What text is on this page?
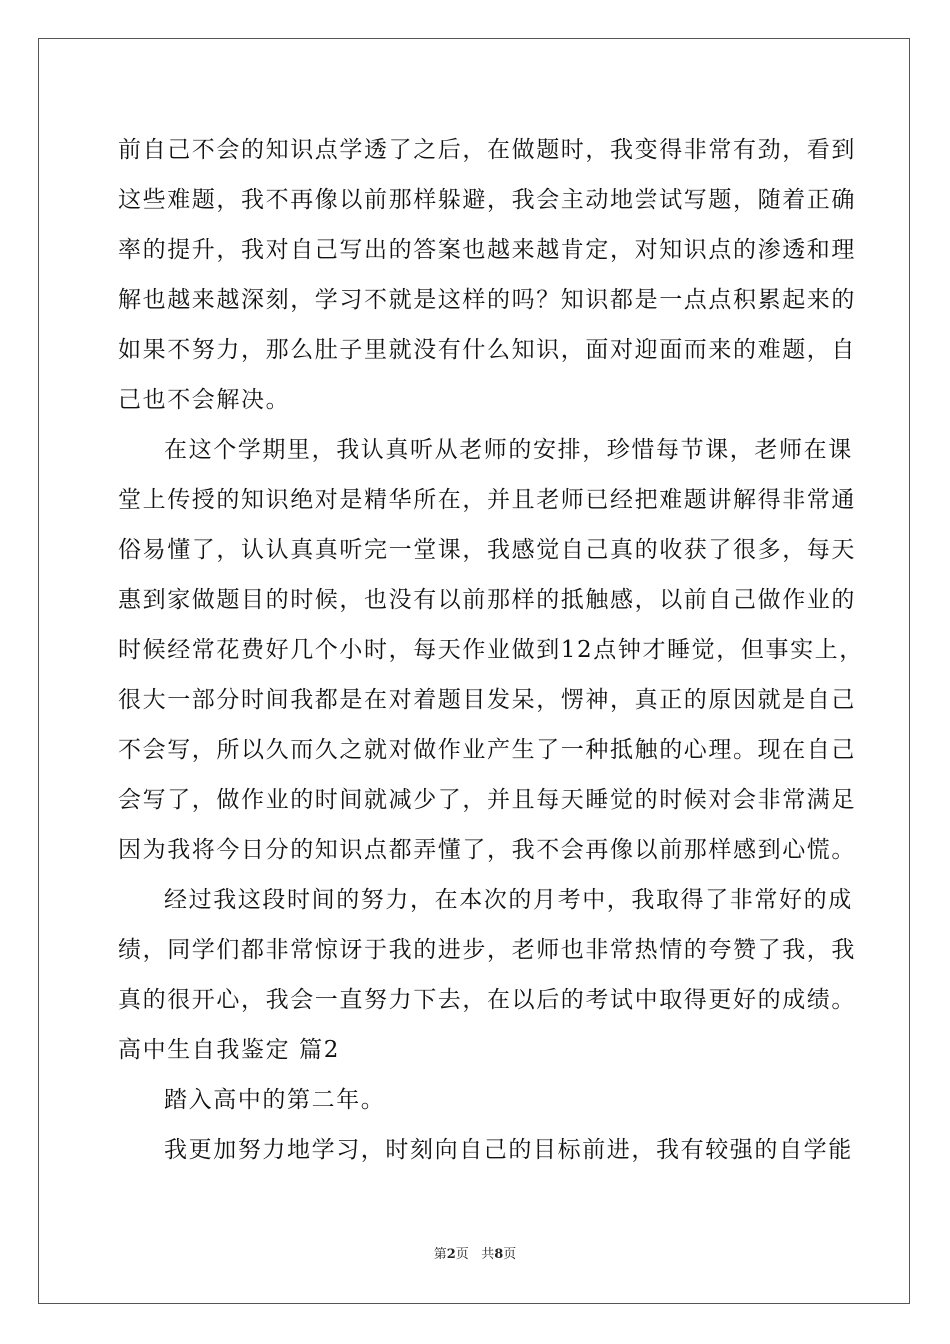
前自己不会的知识点学透了之后，在做题时，我变得非常有劲，看到
这些难题，我不再像以前那样躲避，我会主动地尝试写题，随着正确
率的提升，我对自己写出的答案也越来越肯定，对知识点的渗透和理
解也越来越深刻，学习不就是这样的吗？知识都是一点点积累起来的
如果不努力，那么肚子里就没有什么知识，面对迎面而来的难题，自
己也不会解决。
在这个学期里，我认真听从老师的安排，珍惜每节课，老师在课
堂上传授的知识绝对是精华所在，并且老师已经把难题讲解得非常通
俗易懂了，认认真真听完一堂课，我感觉自己真的收获了很多，每天
惠到家做题目的时候，也没有以前那样的抵触感，以前自己做作业的
时候经常花费好几个小时，每天作业做到12点钟才睡觉，但事实上，
很大一部分时间我都是在对着题目发呆，愣神，真正的原因就是自己
不会写，所以久而久之就对做作业产生了一种抵触的心理。现在自己
会写了，做作业的时间就减少了，并且每天睡觉的时候对会非常满足
因为我将今日分的知识点都弄懂了，我不会再像以前那样感到心慌。
经过我这段时间的努力，在本次的月考中，我取得了非常好的成
绩，同学们都非常惊讶于我的进步，老师也非常热情的夸赞了我，我
真的很开心，我会一直努力下去，在以后的考试中取得更好的成绩。
高中生自我鉴定 篇2
踏入高中的第二年。
我更加努力地学习，时刻向自己的目标前进，我有较强的自学能
第2页 共8页
